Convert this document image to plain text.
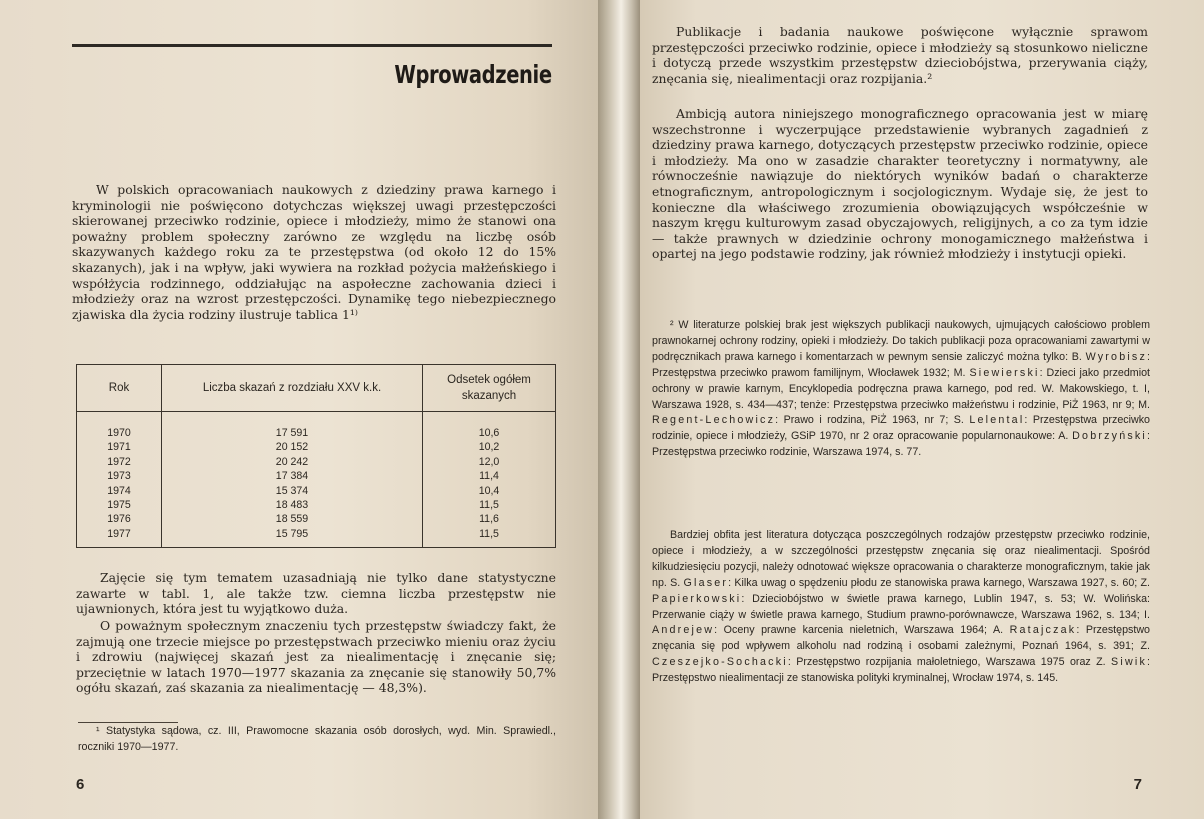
Wprowadzenie

W polskich opracowaniach naukowych z dziedziny prawa karnego i kryminologii nie poświęcono dotychczas większej uwagi przestępczości skierowanej przeciwko rodzinie, opiece i młodzieży, mimo że stanowi ona poważny problem społeczny zarówno ze względu na liczbę osób skazywanych każdego roku za te przestępstwa (od około 12 do 15% skazanych), jak i na wpływ, jaki wywiera na rozkład pożycia małżeńskiego i współżycia rodzinnego, oddziałując na aspołeczne zachowania dzieci i młodzieży oraz na wzrost przestępczości. Dynamikę tego niebezpiecznego zjawiska dla życia rodziny ilustruje tablica 1¹⁾

Rok	Liczba skazań z rozdziału XXV k.k.	Odsetek ogółem skazanych
1970	17 591	10,6
1971	20 152	10,2
1972	20 242	12,0
1973	17 384	11,4
1974	15 374	10,4
1975	18 483	11,5
1976	18 559	11,6
1977	15 795	11,5

Zajęcie się tym tematem uzasadniają nie tylko dane statystyczne zawarte w tabl. 1, ale także tzw. ciemna liczba przestępstw nie ujawnionych, która jest tu wyjątkowo duża.

O poważnym społecznym znaczeniu tych przestępstw świadczy fakt, że zajmują one trzecie miejsce po przestępstwach przeciwko mieniu oraz życiu i zdrowiu (najwięcej skazań jest za niealimentację i znęcanie się; przeciętnie w latach 1970—1977 skazania za znęcanie się stanowiły 50,7% ogółu skazań, zaś skazania za niealimentację — 48,3%).

¹ Statystyka sądowa, cz. III, Prawomocne skazania osób dorosłych, wyd. Min. Sprawiedl., roczniki 1970—1977.

6

Publikacje i badania naukowe poświęcone wyłącznie sprawom przestępczości przeciwko rodzinie, opiece i młodzieży są stosunkowo nieliczne i dotyczą przede wszystkim przestępstw dzieciobójstwa, przerywania ciąży, znęcania się, niealimentacji oraz rozpijania.²

Ambicją autora niniejszego monograficznego opracowania jest w miarę wszechstronne i wyczerpujące przedstawienie wybranych zagadnień z dziedziny prawa karnego, dotyczących przestępstw przeciwko rodzinie, opiece i młodzieży. Ma ono w zasadzie charakter teoretyczny i normatywny, ale równocześnie nawiązuje do niektórych wyników badań o charakterze etnograficznym, antropologicznym i socjologicznym. Wydaje się, że jest to konieczne dla właściwego zrozumienia obowiązujących współcześnie w naszym kręgu kulturowym zasad obyczajowych, religijnych, a co za tym idzie — także prawnych w dziedzinie ochrony monogamicznego małżeństwa i opartej na jego podstawie rodziny, jak również młodzieży i instytucji opieki.

² W literaturze polskiej brak jest większych publikacji naukowych, ujmujących całościowo problem prawnokarnej ochrony rodziny, opieki i młodzieży. Do takich publikacji poza opracowaniami zawartymi w podręcznikach prawa karnego i komentarzach w pewnym sensie zaliczyć można tylko: B. Wyrobisz: Przestępstwa przeciwko prawom familijnym, Włocławek 1932; M. Siewierski: Dzieci jako przedmiot ochrony w prawie karnym, Encyklopedia podręczna prawa karnego, pod red. W. Makowskiego, t. I, Warszawa 1928, s. 434—437; tenże: Przestępstwa przeciwko małżeństwu i rodzinie, PiŻ 1963, nr 9; M. Regent-Lechowicz: Prawo i rodzina, PiŻ 1963, nr 7; S. Lelental: Przestępstwa przeciwko rodzinie, opiece i młodzieży, GSiP 1970, nr 2 oraz opracowanie popularnonaukowe: A. Dobrzyński: Przestępstwa przeciwko rodzinie, Warszawa 1974, s. 77.

Bardziej obfita jest literatura dotycząca poszczególnych rodzajów przestępstw przeciwko rodzinie, opiece i młodzieży, a w szczególności przestępstw znęcania się oraz niealimentacji. Spośród kilkudziesięciu pozycji, należy odnotować większe opracowania o charakterze monograficznym, takie jak np. S. Glaser: Kilka uwag o spędzeniu płodu ze stanowiska prawa karnego, Warszawa 1927, s. 60; Z. Papierkowski: Dzieciobójstwo w świetle prawa karnego, Lublin 1947, s. 53; W. Wolińska: Przerwanie ciąży w świetle prawa karnego, Studium prawno-porównawcze, Warszawa 1962, s. 134; I. Andrejew: Oceny prawne karcenia nieletnich, Warszawa 1964; A. Ratajczak: Przestępstwo znęcania się pod wpływem alkoholu nad rodziną i osobami zależnymi, Poznań 1964, s. 391; Z. Czeszejko-Sochacki: Przestępstwo rozpijania małoletniego, Warszawa 1975 oraz Z. Siwik: Przestępstwo niealimentacji ze stanowiska polityki kryminalnej, Wrocław 1974, s. 145.

7
